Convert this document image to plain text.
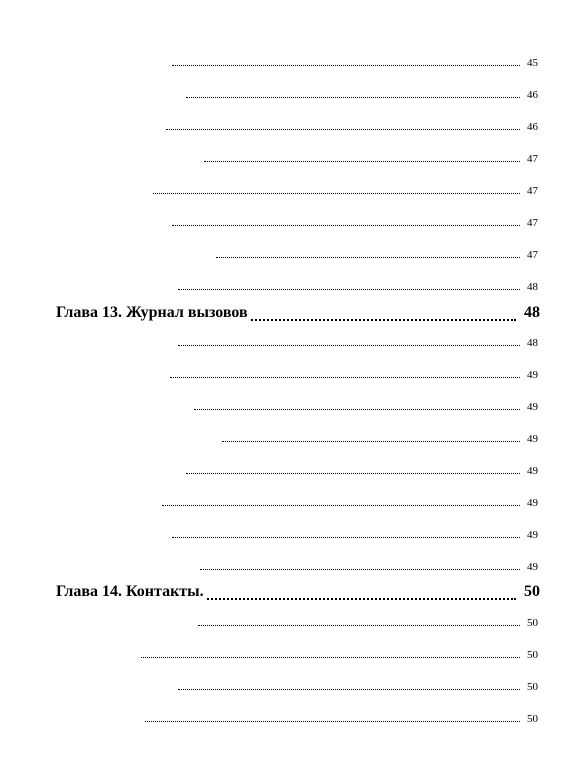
45
46
46
47
47
47
47
48
Глава 13. Журнал вызовов	48
48
49
49
49
49
49
49
49
Глава 14. Контакты.	50
50
50
50
50
